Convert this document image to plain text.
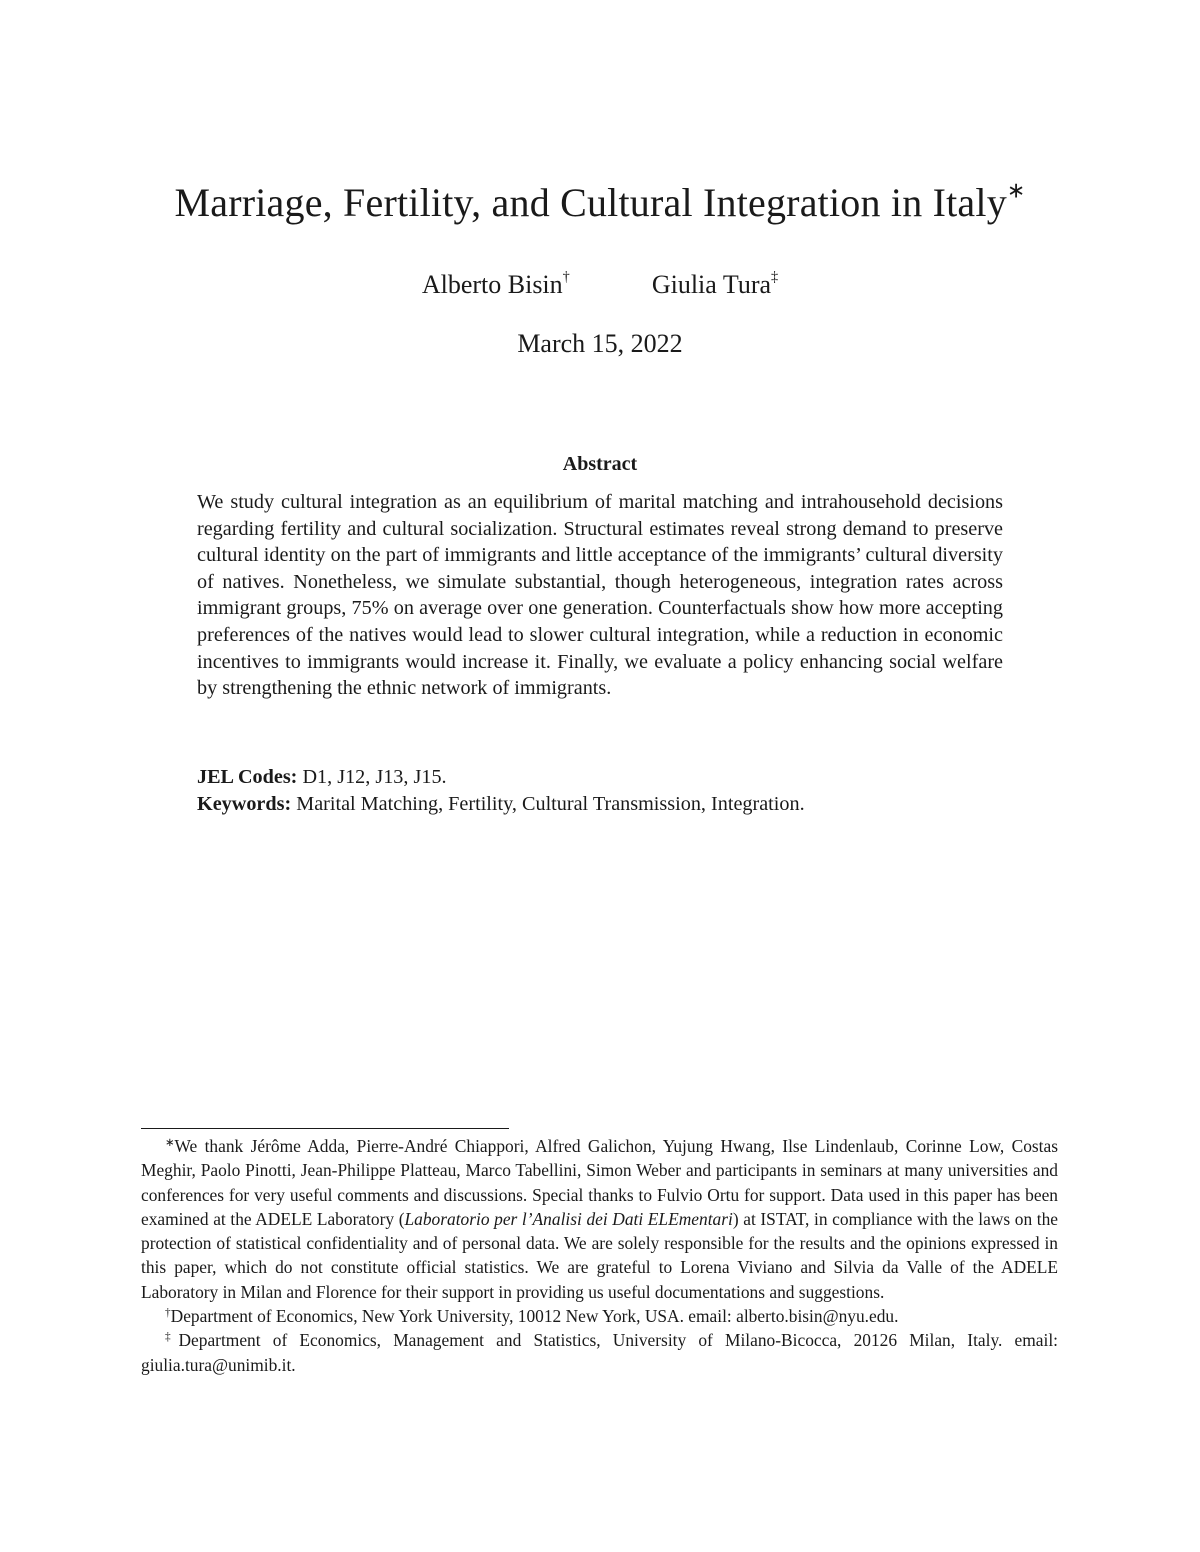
Marriage, Fertility, and Cultural Integration in Italy∗
Alberto Bisin†	Giulia Tura‡
March 15, 2022
Abstract

We study cultural integration as an equilibrium of marital matching and intrahousehold decisions regarding fertility and cultural socialization. Structural estimates reveal strong demand to preserve cultural identity on the part of immigrants and little acceptance of the immigrants’ cultural diversity of natives. Nonetheless, we simulate substantial, though heterogeneous, integration rates across immigrant groups, 75% on average over one generation. Counterfactuals show how more accepting preferences of the natives would lead to slower cultural integration, while a reduction in economic incentives to immigrants would increase it. Finally, we evaluate a policy enhancing social welfare by strengthening the ethnic network of immigrants.

JEL Codes: D1, J12, J13, J15.
Keywords: Marital Matching, Fertility, Cultural Transmission, Integration.

∗We thank Jérôme Adda, Pierre-André Chiappori, Alfred Galichon, Yujung Hwang, Ilse Lindenlaub, Corinne Low, Costas Meghir, Paolo Pinotti, Jean-Philippe Platteau, Marco Tabellini, Simon Weber and participants in seminars at many universities and conferences for very useful comments and discussions. Special thanks to Fulvio Ortu for support. Data used in this paper has been examined at the ADELE Laboratory (Laboratorio per l’Analisi dei Dati ELEmentari) at ISTAT, in compliance with the laws on the protection of statistical confidentiality and of personal data. We are solely responsible for the results and the opinions expressed in this paper, which do not constitute official statistics. We are grateful to Lorena Viviano and Silvia da Valle of the ADELE Laboratory in Milan and Florence for their support in providing us useful documentations and suggestions.

†Department of Economics, New York University, 10012 New York, USA. email: alberto.bisin@nyu.edu.

‡Department of Economics, Management and Statistics, University of Milano-Bicocca, 20126 Milan, Italy. email: giulia.tura@unimib.it.
